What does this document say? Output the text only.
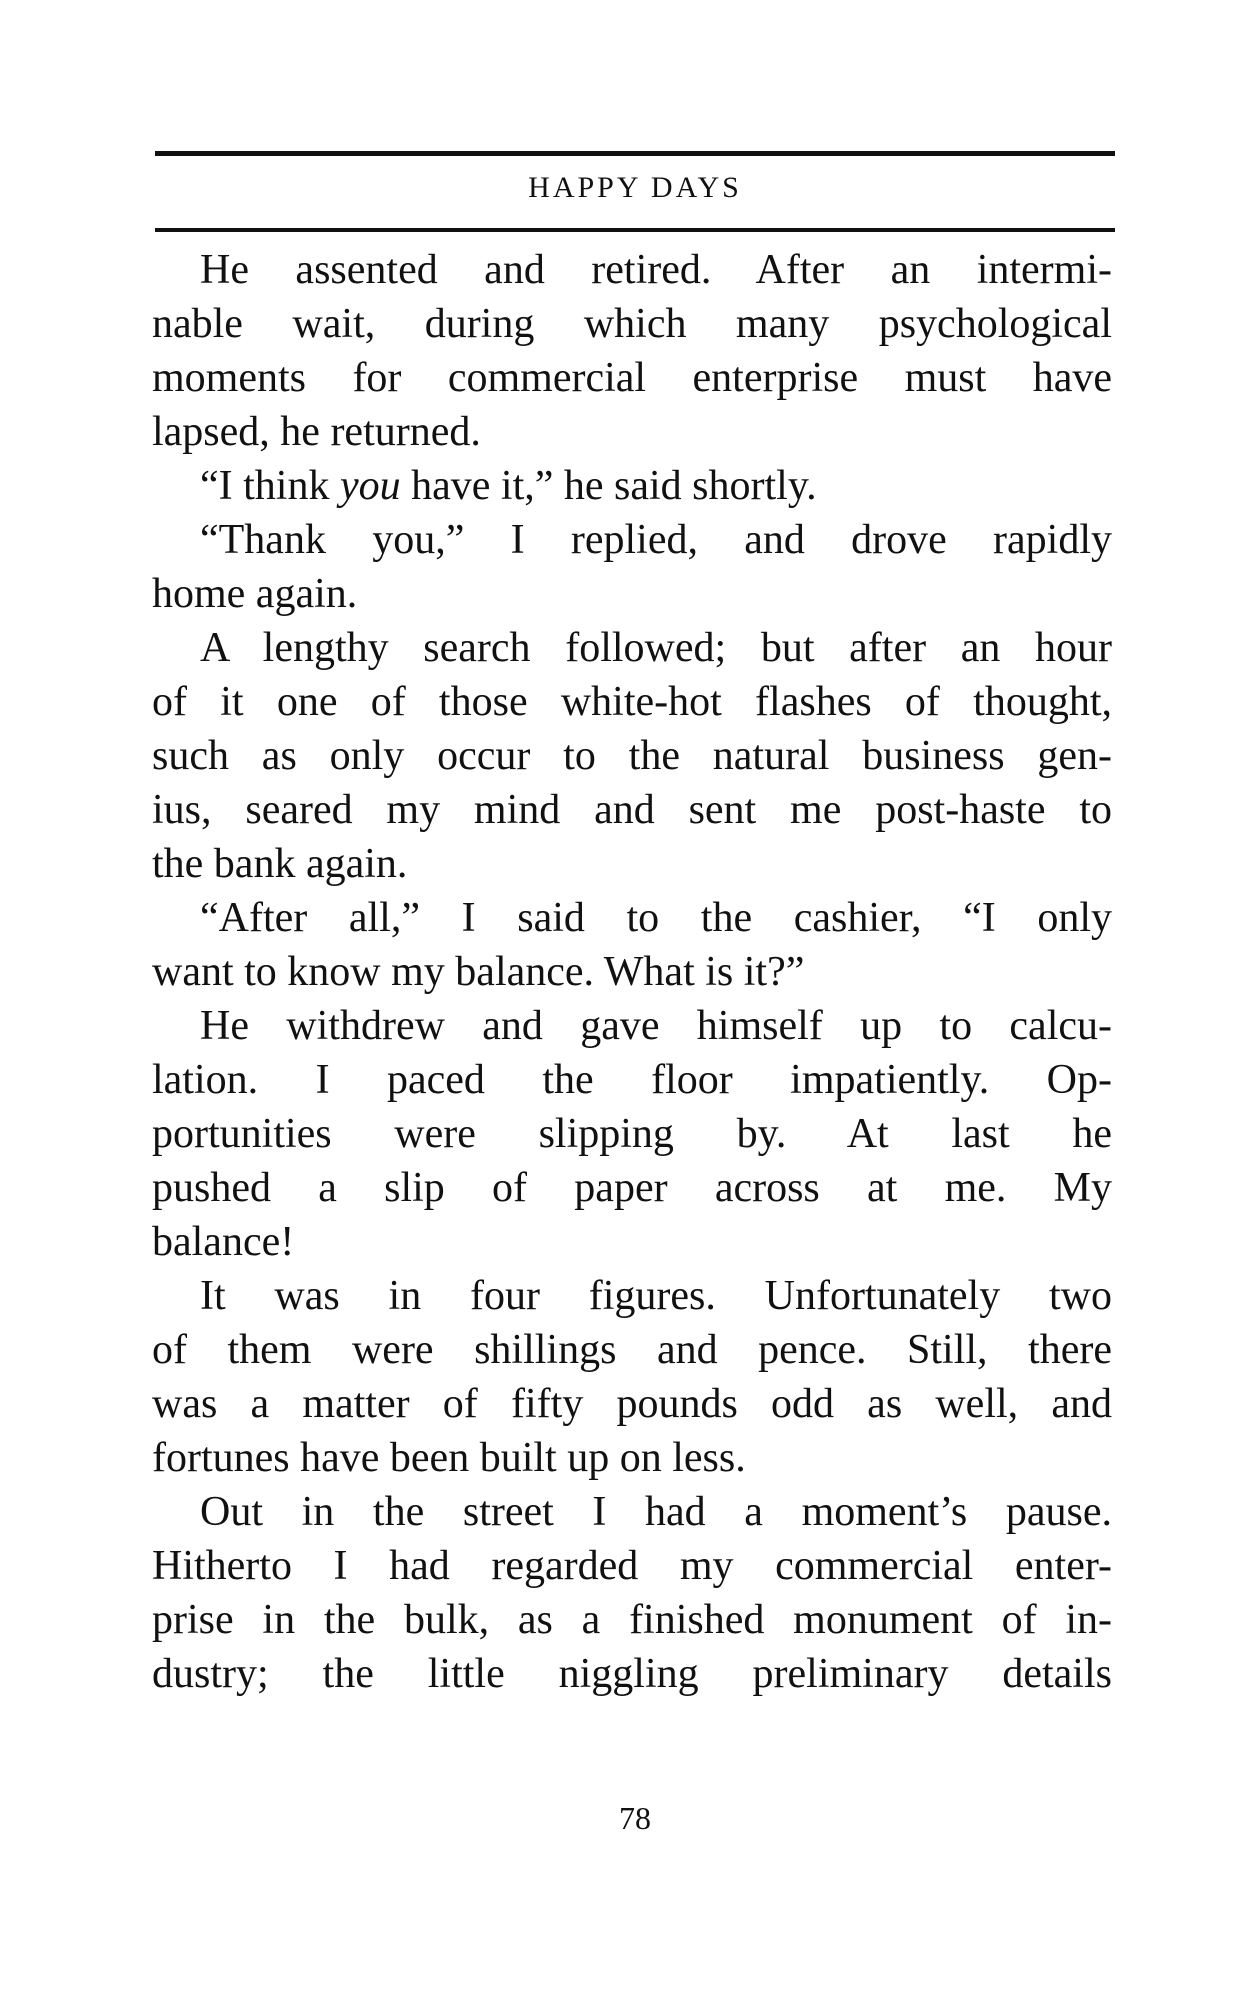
HAPPY DAYS
He assented and retired. After an intermi-
nable wait, during which many psychological
moments for commercial enterprise must have
lapsed, he returned.
“I think you have it,” he said shortly.
“Thank you,” I replied, and drove rapidly
home again.
A lengthy search followed; but after an hour
of it one of those white-hot flashes of thought,
such as only occur to the natural business gen-
ius, seared my mind and sent me post-haste to
the bank again.
“After all,” I said to the cashier, “I only
want to know my balance. What is it?”
He withdrew and gave himself up to calcu-
lation. I paced the floor impatiently. Op-
portunities were slipping by. At last he
pushed a slip of paper across at me. My
balance!
It was in four figures. Unfortunately two
of them were shillings and pence. Still, there
was a matter of fifty pounds odd as well, and
fortunes have been built up on less.
Out in the street I had a moment’s pause.
Hitherto I had regarded my commercial enter-
prise in the bulk, as a finished monument of in-
dustry; the little niggling preliminary details
78
